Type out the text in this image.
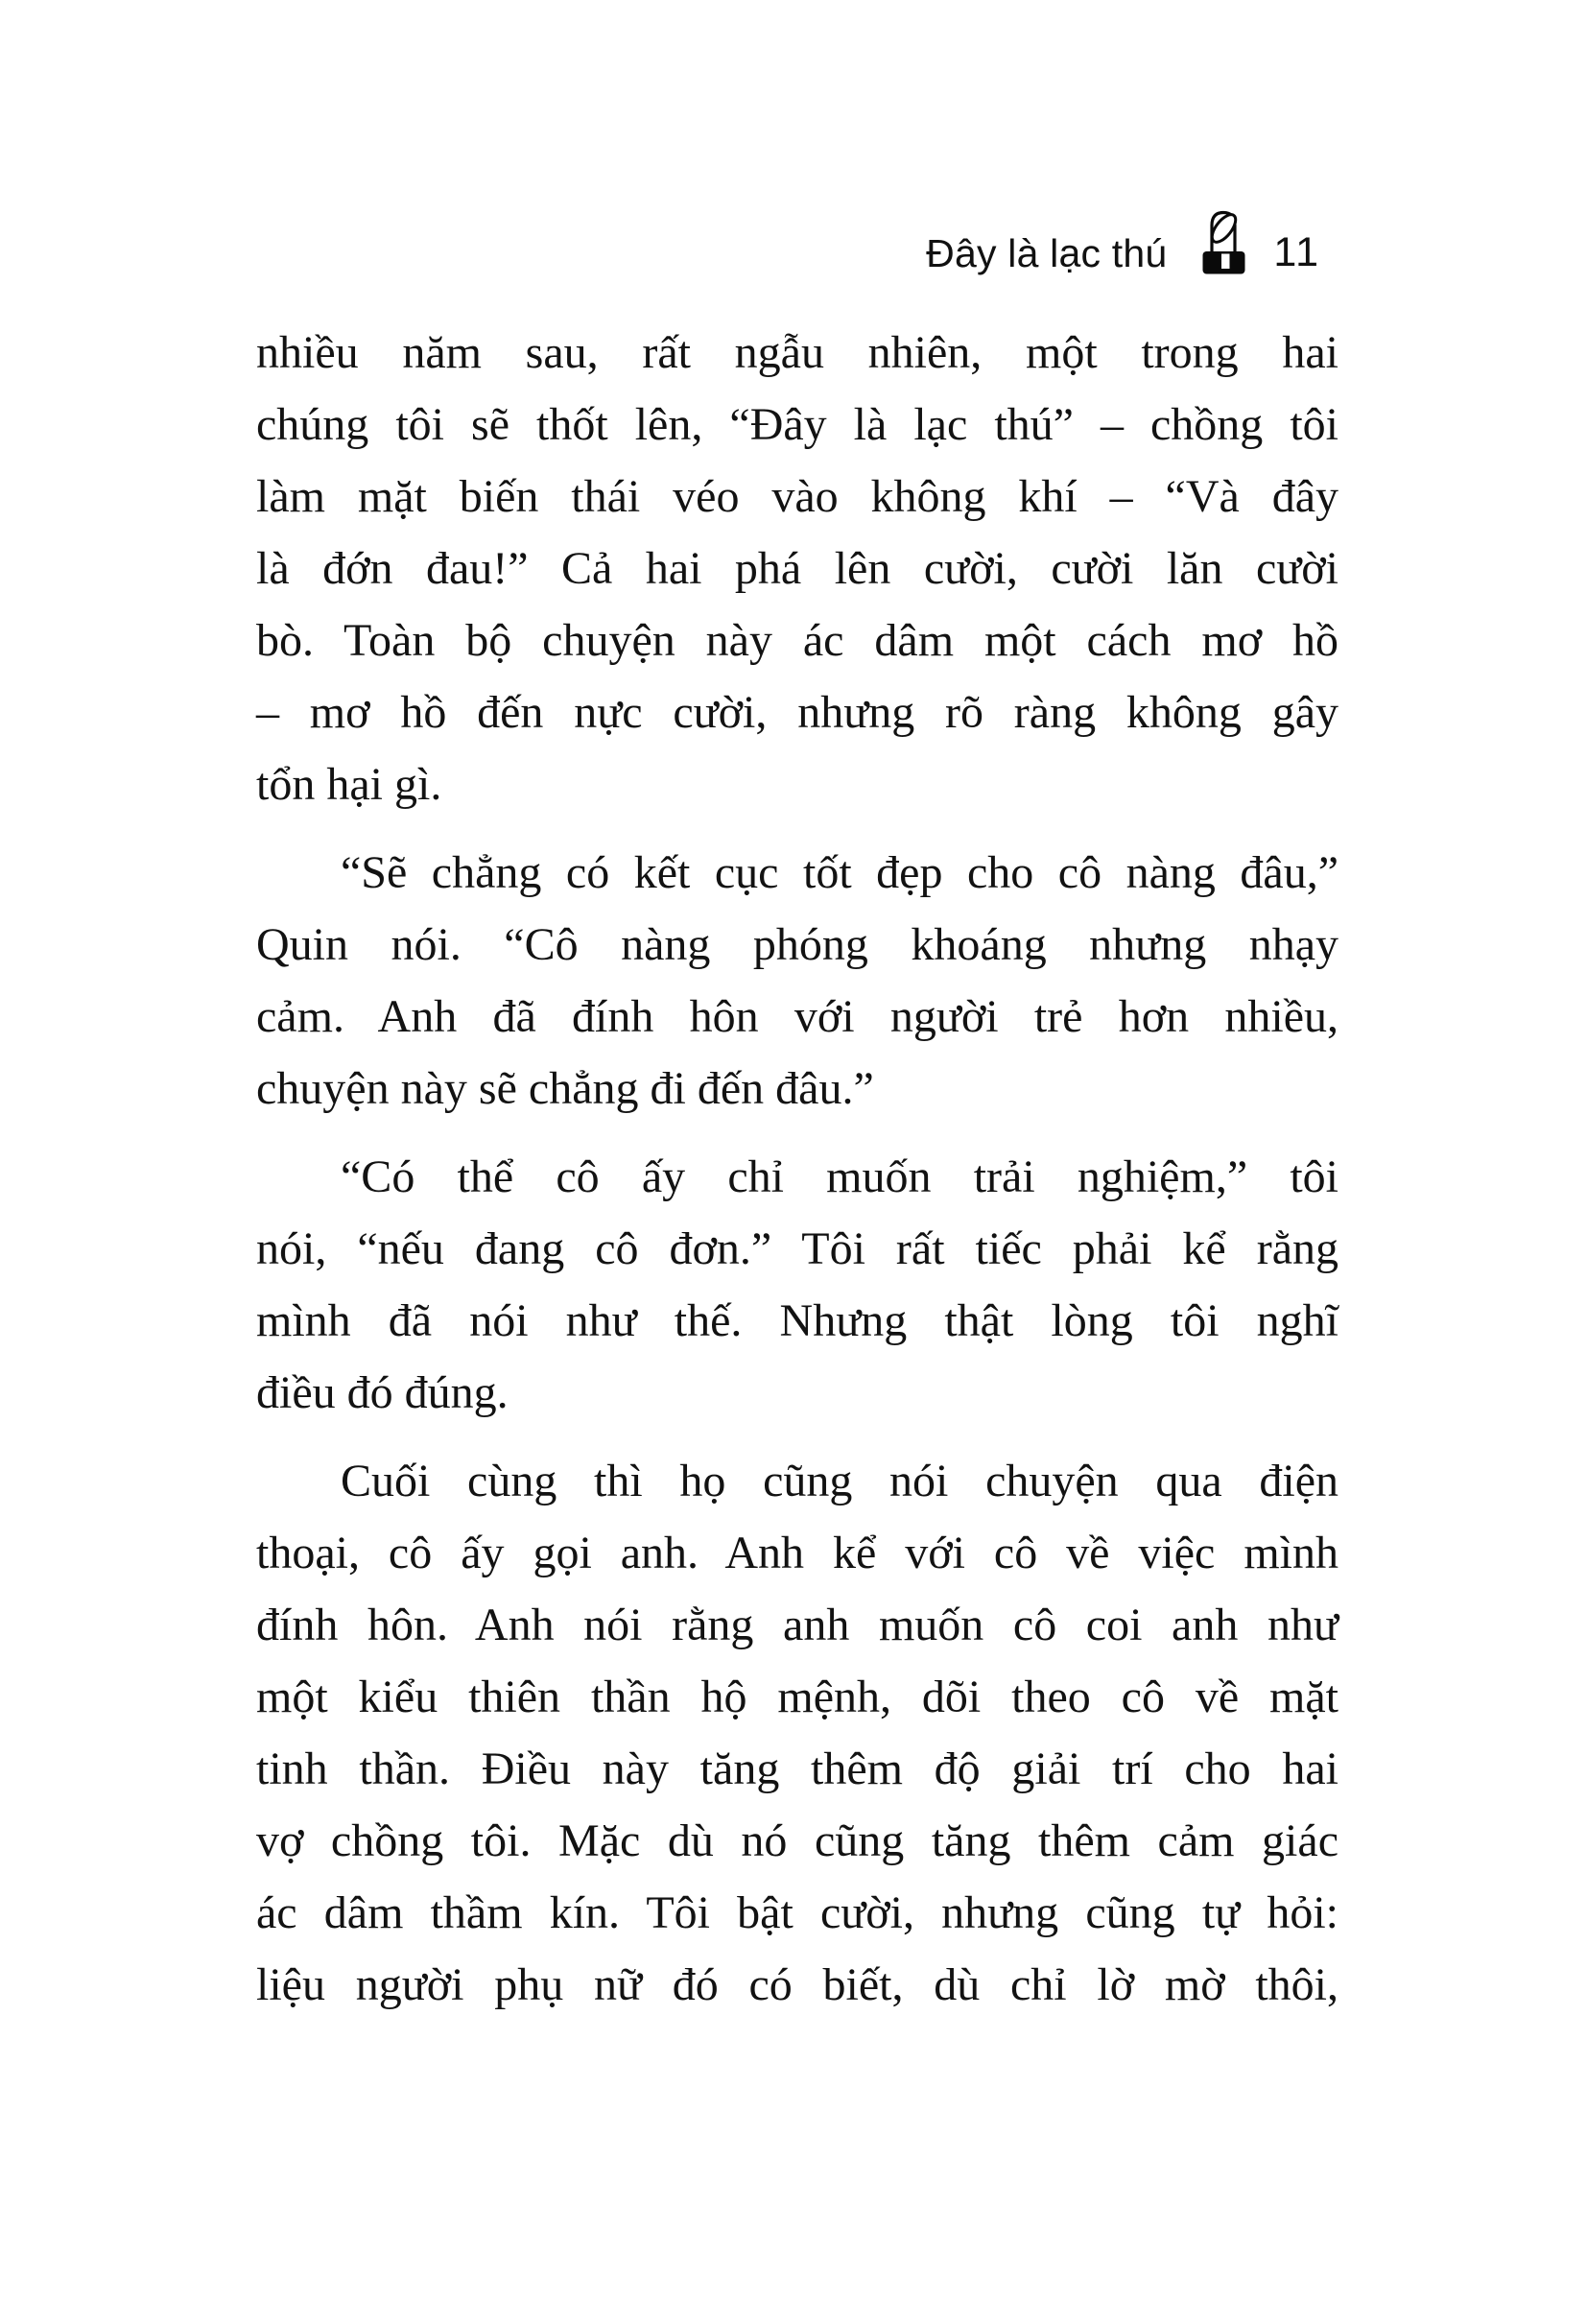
Đây là lạc thú	11
nhiều năm sau, rất ngẫu nhiên, một trong hai
chúng tôi sẽ thốt lên, “Đây là lạc thú” – chồng tôi
làm mặt biến thái véo vào không khí – “Và đây
là đớn đau!” Cả hai phá lên cười, cười lăn cười
bò. Toàn bộ chuyện này ác dâm một cách mơ hồ
– mơ hồ đến nực cười, nhưng rõ ràng không gây
tổn hại gì.
“Sẽ chẳng có kết cục tốt đẹp cho cô nàng đâu,”
Quin nói. “Cô nàng phóng khoáng nhưng nhạy
cảm. Anh đã đính hôn với người trẻ hơn nhiều,
chuyện này sẽ chẳng đi đến đâu.”
“Có thể cô ấy chỉ muốn trải nghiệm,” tôi
nói, “nếu đang cô đơn.” Tôi rất tiếc phải kể rằng
mình đã nói như thế. Nhưng thật lòng tôi nghĩ
điều đó đúng.
Cuối cùng thì họ cũng nói chuyện qua điện
thoại, cô ấy gọi anh. Anh kể với cô về việc mình
đính hôn. Anh nói rằng anh muốn cô coi anh như
một kiểu thiên thần hộ mệnh, dõi theo cô về mặt
tinh thần. Điều này tăng thêm độ giải trí cho hai
vợ chồng tôi. Mặc dù nó cũng tăng thêm cảm giác
ác dâm thầm kín. Tôi bật cười, nhưng cũng tự hỏi:
liệu người phụ nữ đó có biết, dù chỉ lờ mờ thôi,
